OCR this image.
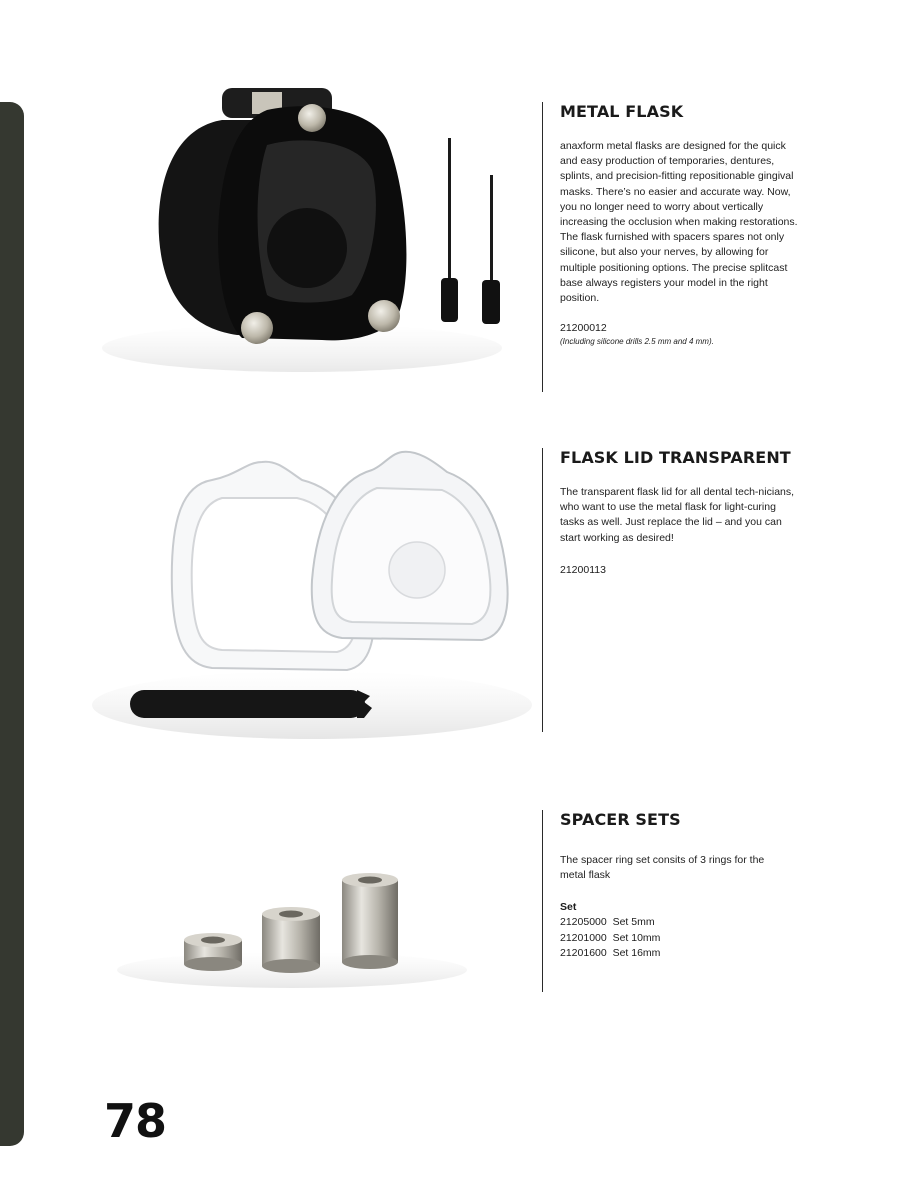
METAL FLASK

anaxform metal flasks are designed for the quick and easy production of temporaries, dentures, splints, and precision-fitting repositionable gingival masks. There’s no easier and accurate way. Now, you no longer need to worry about vertically increasing the occlusion when making restorations. The flask furnished with spacers spares not only silicone, but also your nerves, by allowing for multiple positioning options. The precise splitcast base always registers your model in the right position.

21200012
(Including silicone drills 2.5 mm and 4 mm).
FLASK LID TRANSPARENT

The transparent flask lid for all dental tech-nicians, who want to use the metal flask for light-curing tasks as well. Just replace the lid – and you can start working as desired!

21200113
SPACER SETS

The spacer ring set consits of 3 rings for the metal flask

Set
21205000 Set 5mm
21201000 Set 10mm
21201600 Set 16mm
78
